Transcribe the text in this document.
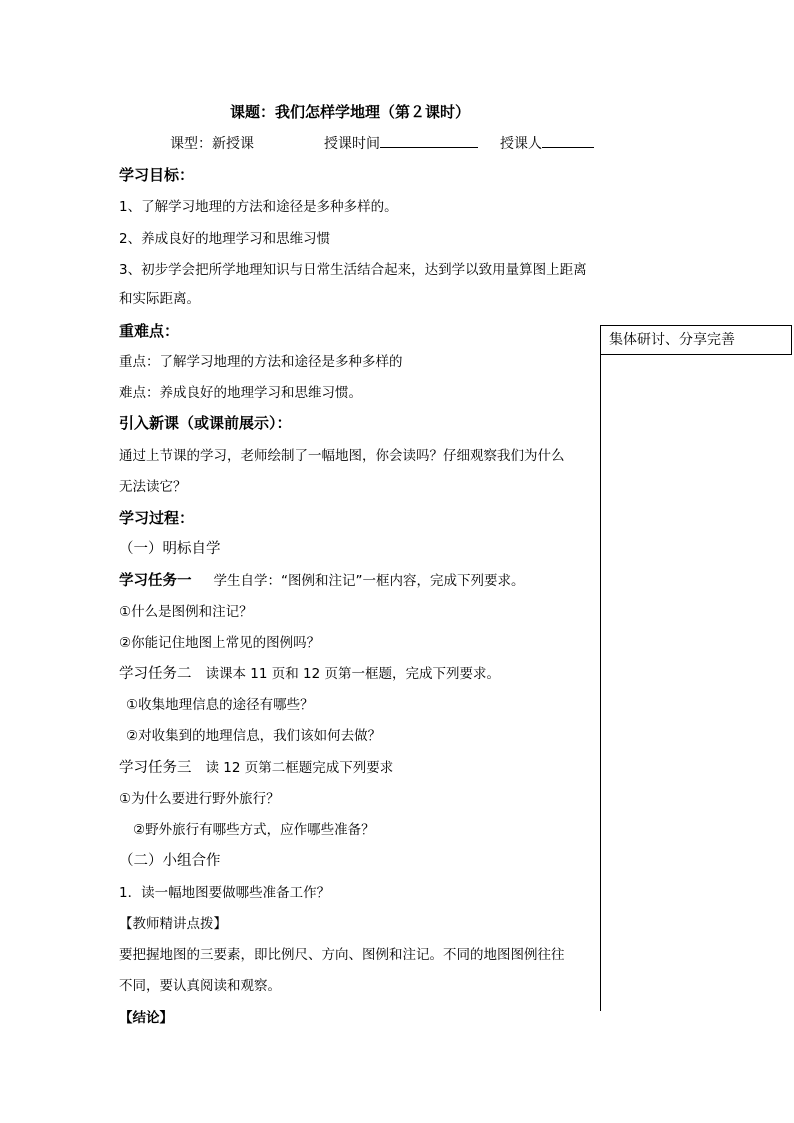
课题：我们怎样学地理（第２课时）
课型：新授课	授课时间	授课人
学习目标：
1、了解学习地理的方法和途径是多种多样的。
2、养成良好的地理学习和思维习惯
3、初步学会把所学地理知识与日常生活结合起来，达到学以致用量算图上距离
和实际距离。
重难点：
重点：了解学习地理的方法和途径是多种多样的
难点：养成良好的地理学习和思维习惯。
集体研讨、分享完善
引入新课（或课前展示）：
通过上节课的学习，老师绘制了一幅地图，你会读吗？仔细观察我们为什么
无法读它？
学习过程：
（一）明标自学
学习任务一 学生自学：“图例和注记”一框内容，完成下列要求。
①什么是图例和注记？
②你能记住地图上常见的图例吗？
学习任务二 读课本 11 页和 12 页第一框题，完成下列要求。
①收集地理信息的途径有哪些？
②对收集到的地理信息，我们该如何去做？
学习任务三 读 12 页第二框题完成下列要求
①为什么要进行野外旅行？
②野外旅行有哪些方式，应作哪些准备？
（二）小组合作
1．读一幅地图要做哪些准备工作？
【教师精讲点拨】
要把握地图的三要素，即比例尺、方向、图例和注记。不同的地图图例往往
不同，要认真阅读和观察。
【结论】
